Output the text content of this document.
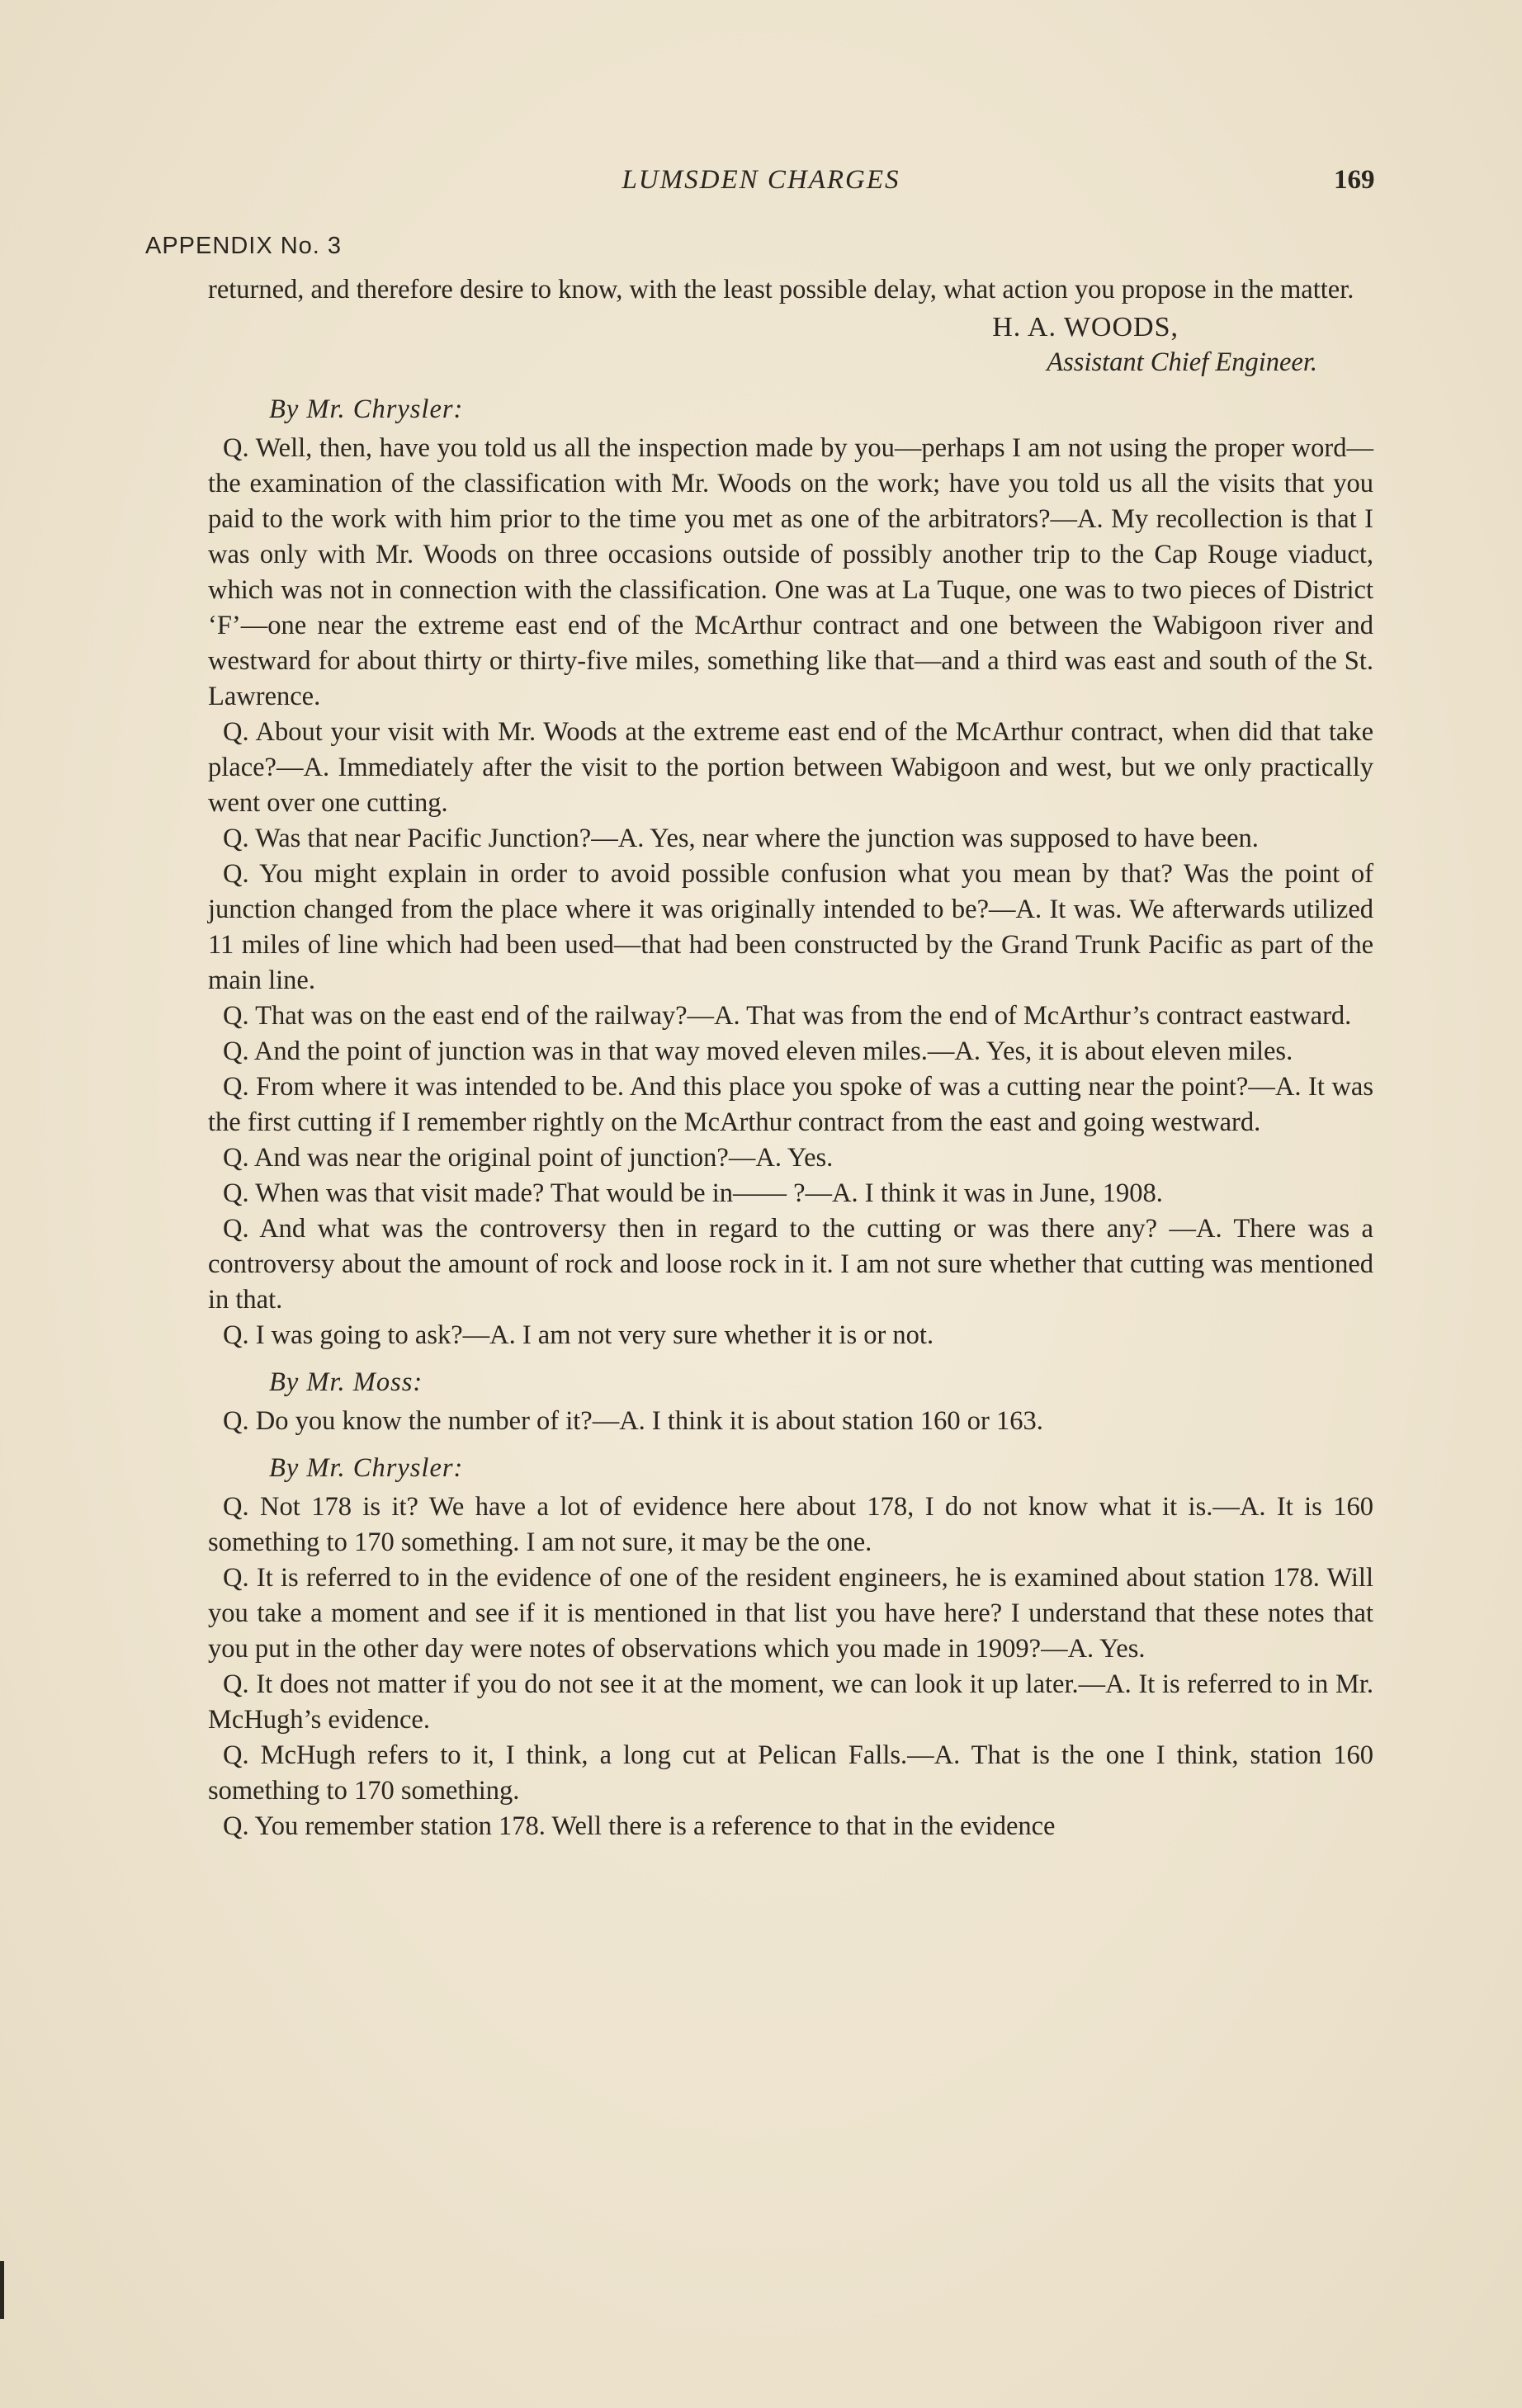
LUMSDEN CHARGES	169
APPENDIX No. 3

returned, and therefore desire to know, with the least possible delay, what action you propose in the matter.

H. A. WOODS,

Assistant Chief Engineer.

By Mr. Chrysler:

Q. Well, then, have you told us all the inspection made by you—perhaps I am not using the proper word—the examination of the classification with Mr. Woods on the work; have you told us all the visits that you paid to the work with him prior to the time you met as one of the arbitrators?—A. My recollection is that I was only with Mr. Woods on three occasions outside of possibly another trip to the Cap Rouge viaduct, which was not in connection with the classification. One was at La Tuque, one was to two pieces of District ‘F’—one near the extreme east end of the McArthur contract and one between the Wabigoon river and westward for about thirty or thirty-five miles, something like that—and a third was east and south of the St. Lawrence.

Q. About your visit with Mr. Woods at the extreme east end of the McArthur contract, when did that take place?—A. Immediately after the visit to the portion between Wabigoon and west, but we only practically went over one cutting.

Q. Was that near Pacific Junction?—A. Yes, near where the junction was supposed to have been.

Q. You might explain in order to avoid possible confusion what you mean by that? Was the point of junction changed from the place where it was originally intended to be?—A. It was. We afterwards utilized 11 miles of line which had been used—that had been constructed by the Grand Trunk Pacific as part of the main line.

Q. That was on the east end of the railway?—A. That was from the end of McArthur’s contract eastward.

Q. And the point of junction was in that way moved eleven miles.—A. Yes, it is about eleven miles.

Q. From where it was intended to be. And this place you spoke of was a cutting near the point?—A. It was the first cutting if I remember rightly on the McArthur contract from the east and going westward.

Q. And was near the original point of junction?—A. Yes.

Q. When was that visit made? That would be in—— ?—A. I think it was in June, 1908.

Q. And what was the controversy then in regard to the cutting or was there any? —A. There was a controversy about the amount of rock and loose rock in it. I am not sure whether that cutting was mentioned in that.

Q. I was going to ask?—A. I am not very sure whether it is or not.

By Mr. Moss:

Q. Do you know the number of it?—A. I think it is about station 160 or 163.

By Mr. Chrysler:

Q. Not 178 is it? We have a lot of evidence here about 178, I do not know what it is.—A. It is 160 something to 170 something. I am not sure, it may be the one.

Q. It is referred to in the evidence of one of the resident engineers, he is examined about station 178. Will you take a moment and see if it is mentioned in that list you have here? I understand that these notes that you put in the other day were notes of observations which you made in 1909?—A. Yes.

Q. It does not matter if you do not see it at the moment, we can look it up later.—A. It is referred to in Mr. McHugh’s evidence.

Q. McHugh refers to it, I think, a long cut at Pelican Falls.—A. That is the one I think, station 160 something to 170 something.

Q. You remember station 178. Well there is a reference to that in the evidence
